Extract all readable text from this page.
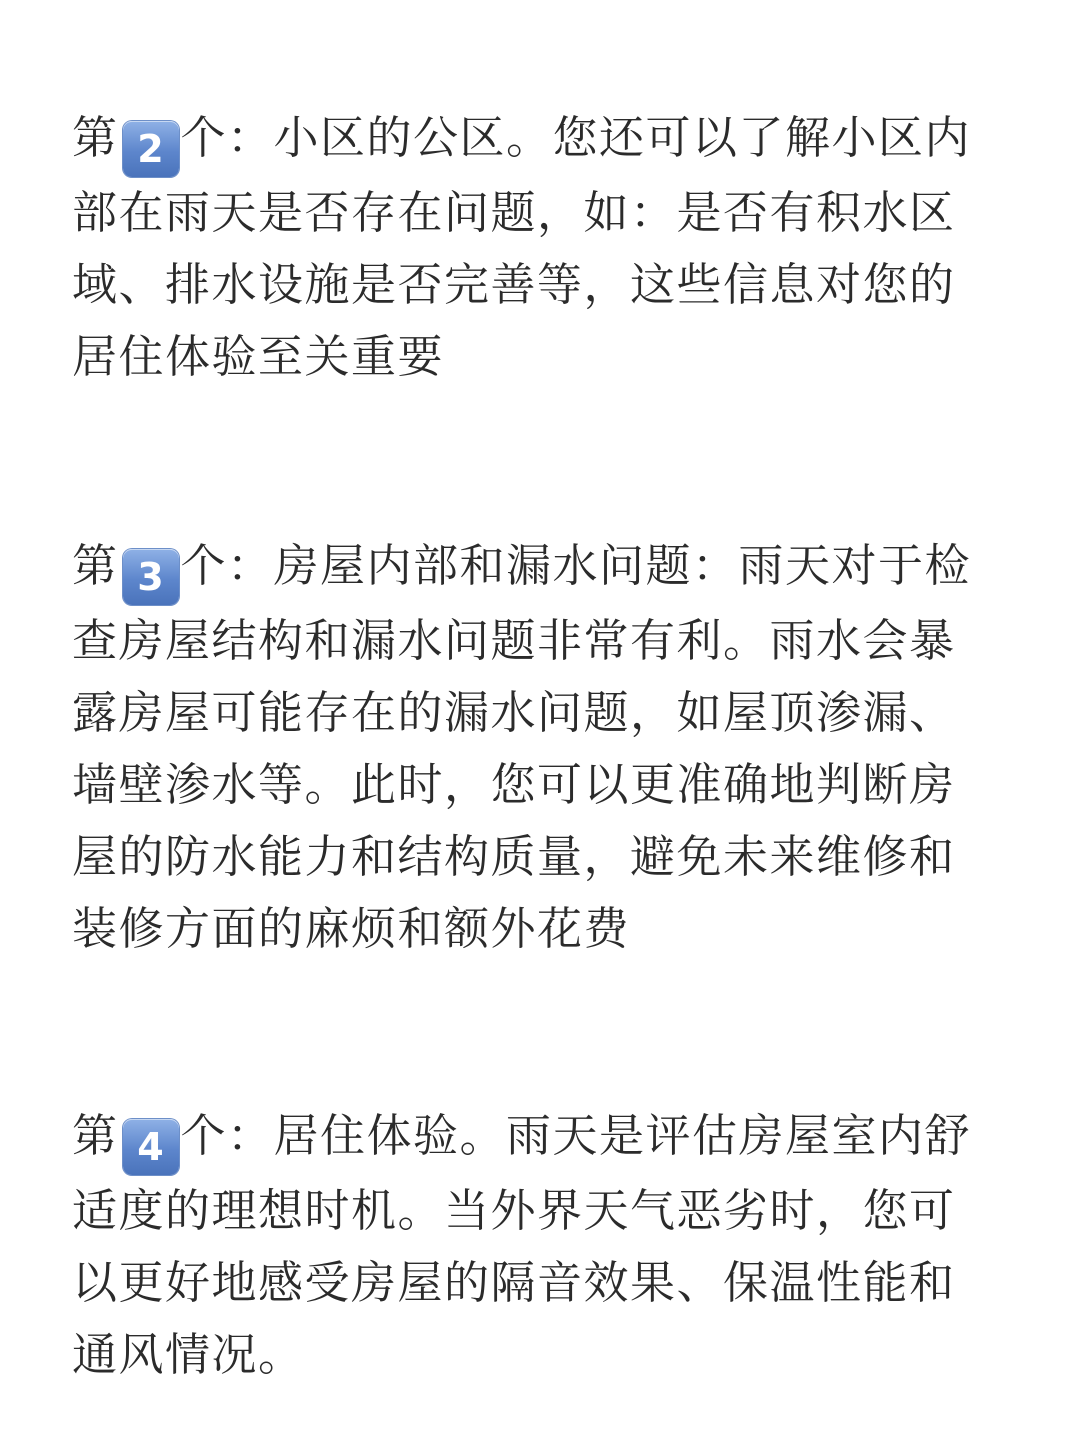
第 2 个：小区的公区。您还可以了解小区内
部在雨天是否存在问题，如：是否有积水区
域、排水设施是否完善等，这些信息对您的
居住体验至关重要

第 3 个：房屋内部和漏水问题：雨天对于检
查房屋结构和漏水问题非常有利。雨水会暴
露房屋可能存在的漏水问题，如屋顶渗漏、
墙壁渗水等。此时，您可以更准确地判断房
屋的防水能力和结构质量，避免未来维修和
装修方面的麻烦和额外花费

第 4 个：居住体验。雨天是评估房屋室内舒
适度的理想时机。当外界天气恶劣时，您可
以更好地感受房屋的隔音效果、保温性能和
通风情况。
